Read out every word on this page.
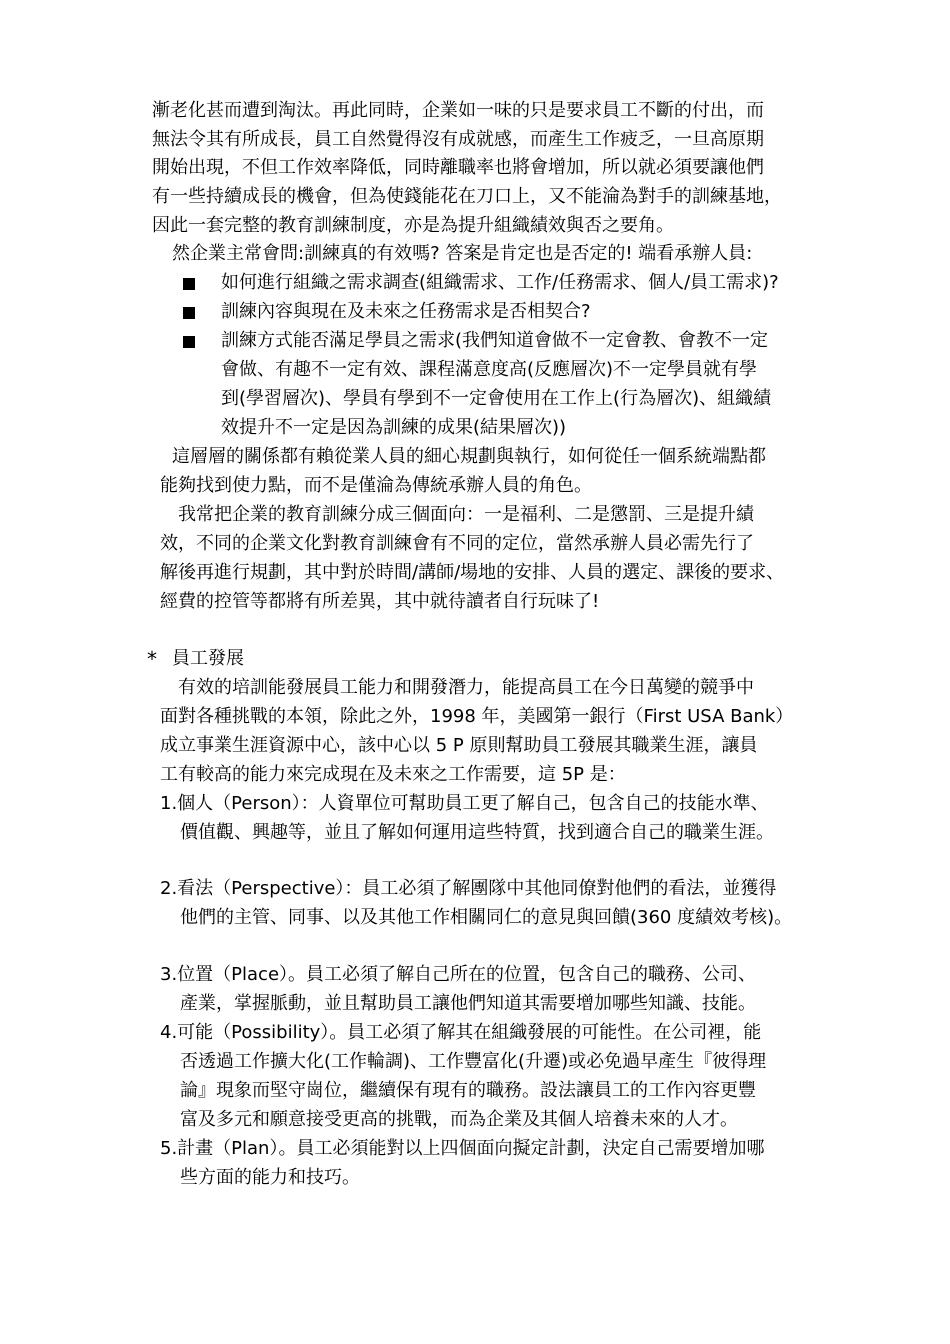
漸老化甚而遭到淘汰。再此同時，企業如一味的只是要求員工不斷的付出，而
無法令其有所成長，員工自然覺得沒有成就感，而產生工作疲乏，一旦高原期
開始出現，不但工作效率降低，同時離職率也將會增加，所以就必須要讓他們
有一些持續成長的機會，但為使錢能花在刀口上，又不能淪為對手的訓練基地，
因此一套完整的教育訓練制度，亦是為提升組織績效與否之要角。
然企業主常會問:訓練真的有效嗎? 答案是肯定也是否定的! 端看承辦人員:
如何進行組織之需求調查(組織需求、工作/任務需求、個人/員工需求)?
訓練內容與現在及未來之任務需求是否相契合?
訓練方式能否滿足學員之需求(我們知道會做不一定會教、會教不一定
會做、有趣不一定有效、課程滿意度高(反應層次)不一定學員就有學
到(學習層次)、學員有學到不一定會使用在工作上(行為層次)、組織績
效提升不一定是因為訓練的成果(結果層次))
這層層的關係都有賴從業人員的細心規劃與執行，如何從任一個系統端點都
能夠找到使力點，而不是僅淪為傳統承辦人員的角色。
我常把企業的教育訓練分成三個面向：一是福利、二是懲罰、三是提升績
效，不同的企業文化對教育訓練會有不同的定位，當然承辦人員必需先行了
解後再進行規劃，其中對於時間/講師/場地的安排、人員的選定、課後的要求、
經費的控管等都將有所差異，其中就待讀者自行玩味了!
* 員工發展
有效的培訓能發展員工能力和開發潛力，能提高員工在今日萬變的競爭中
面對各種挑戰的本領，除此之外，1998 年，美國第一銀行（First USA Bank）
成立事業生涯資源中心，該中心以 5 P 原則幫助員工發展其職業生涯，讓員
工有較高的能力來完成現在及未來之工作需要，這 5P 是：
1.個人（Person）：人資單位可幫助員工更了解自己，包含自己的技能水準、
價值觀、興趣等，並且了解如何運用這些特質，找到適合自己的職業生涯。
2.看法（Perspective）：員工必須了解團隊中其他同僚對他們的看法，並獲得
他們的主管、同事、以及其他工作相關同仁的意見與回饋(360 度績效考核)。
3.位置（Place）。員工必須了解自己所在的位置，包含自己的職務、公司、
產業，掌握脈動，並且幫助員工讓他們知道其需要增加哪些知識、技能。
4.可能（Possibility）。員工必須了解其在組織發展的可能性。在公司裡，能
否透過工作擴大化(工作輪調)、工作豐富化(升遷)或必免過早產生『彼得理
論』現象而堅守崗位，繼續保有現有的職務。設法讓員工的工作內容更豐
富及多元和願意接受更高的挑戰，而為企業及其個人培養未來的人才。
5.計畫（Plan）。員工必須能對以上四個面向擬定計劃，決定自己需要增加哪
些方面的能力和技巧。
